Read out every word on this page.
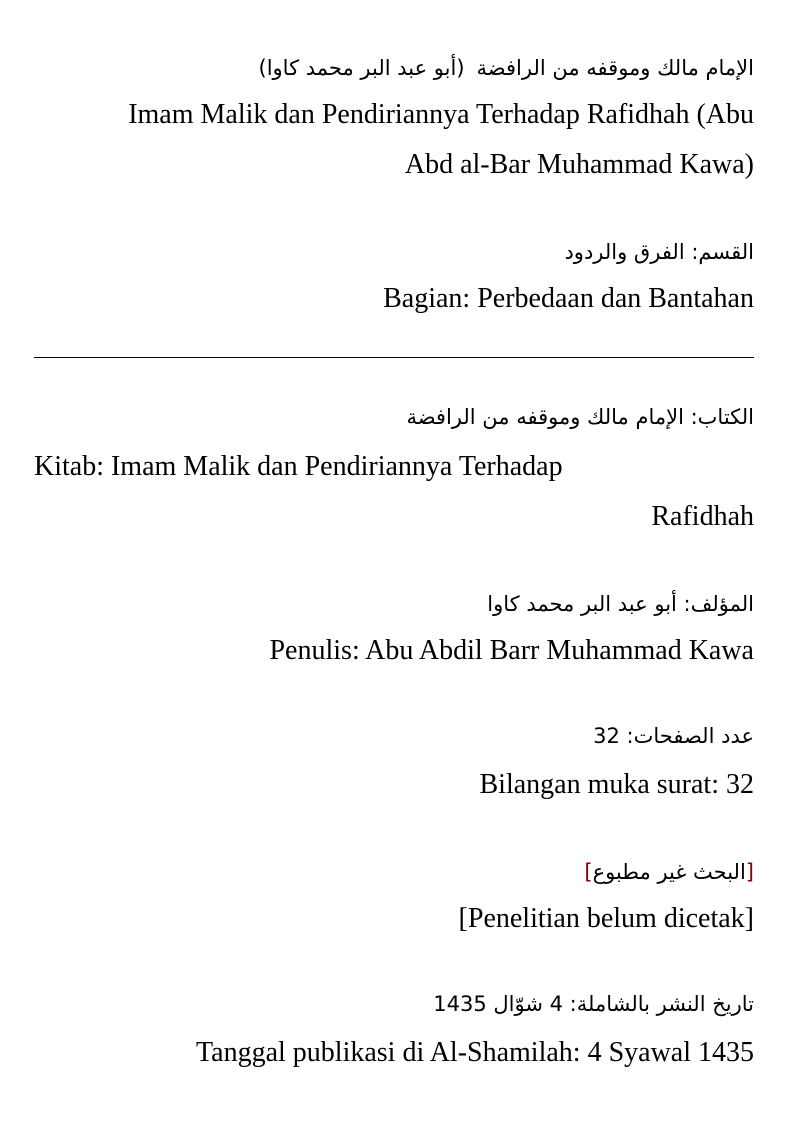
الإمام مالك وموقفه من الرافضة(أبو عبد البر محمد كاوا)

Imam Malik dan Pendiriannya Terhadap Rafidhah (Abu

Abd al-Bar Muhammad Kawa)

القسم: الفرق والردود

Bagian: Perbedaan dan Bantahan

الكتاب: الإمام مالك وموقفه من الرافضة

Kitab: Imam Malik dan Pendiriannya Terhadap

Rafidhah

المؤلف: أبو عبد البر محمد كاوا

Penulis: Abu Abdil Barr Muhammad Kawa

عدد الصفحات: 32

Bilangan muka surat: 32

[البحث غير مطبوع]

[Penelitian belum dicetak]

تاريخ النشر بالشاملة: 4 شوّال 1435

Tanggal publikasi di Al-Shamilah: 4 Syawal 1435
